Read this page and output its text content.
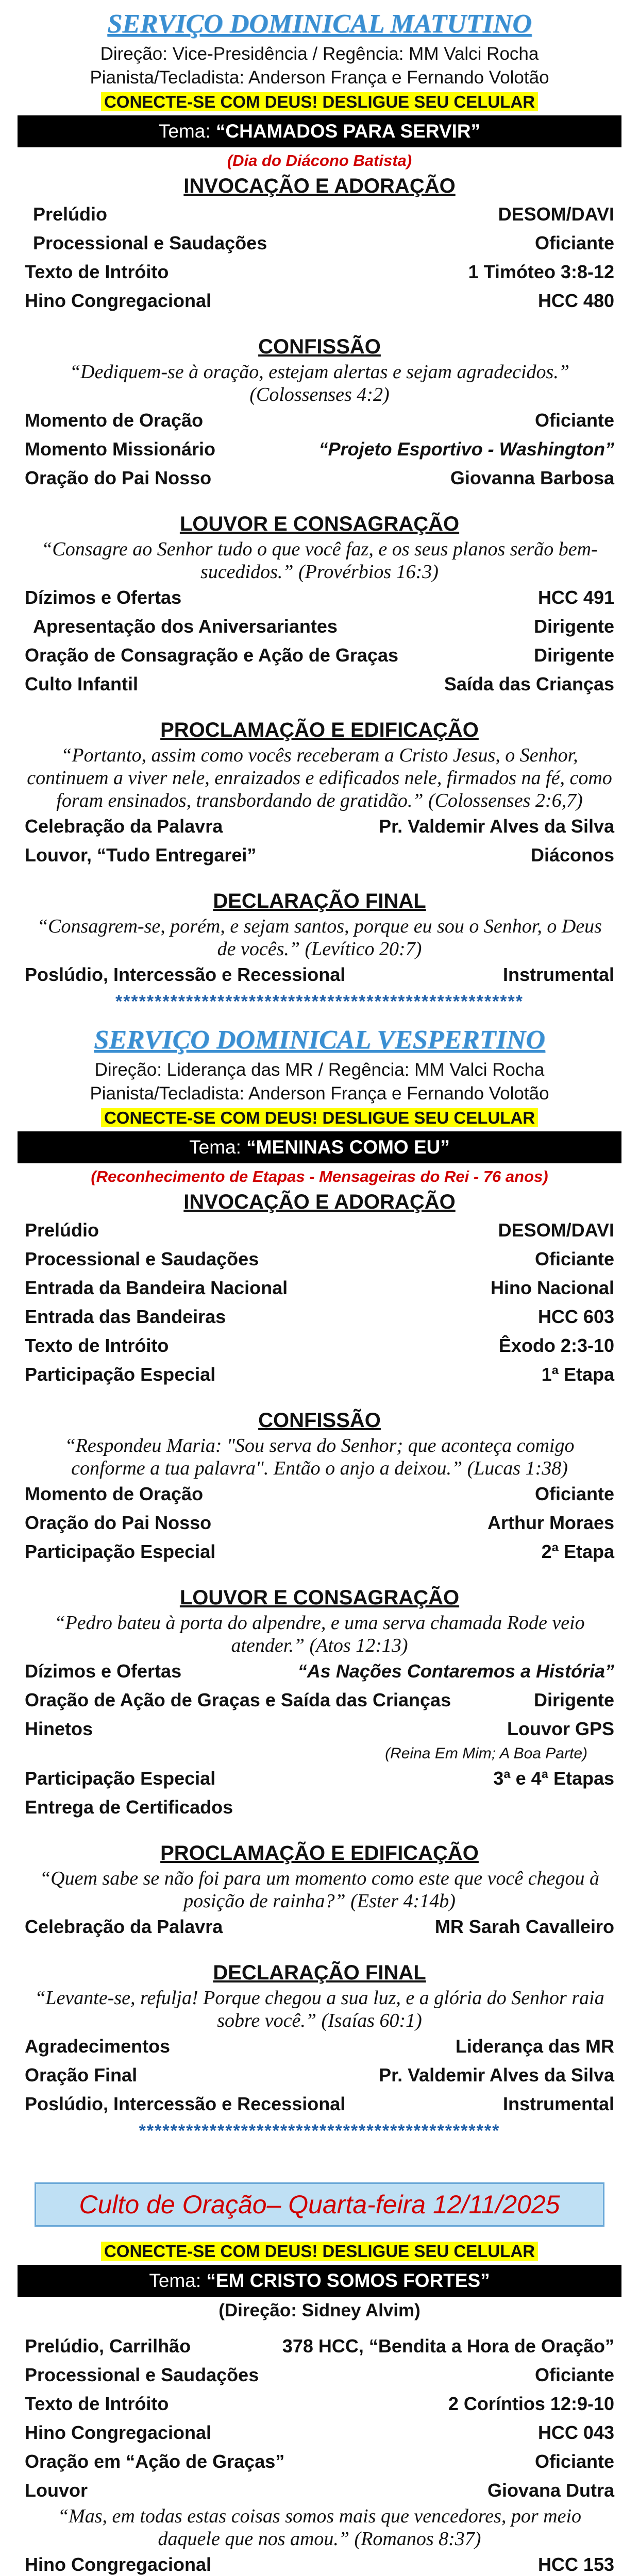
SERVIÇO DOMINICAL MATUTINO
Direção: Vice-Presidência / Regência: MM Valci Rocha
Pianista/Tecladista: Anderson França e Fernando Volotão
CONECTE-SE COM DEUS! DESLIGUE SEU CELULAR
Tema: “CHAMADOS PARA SERVIR”
(Dia do Diácono Batista)
INVOCAÇÃO E ADORAÇÃO
Prelúdio	DESOM/DAVI
Processional e Saudações	Oficiante
Texto de Intróito	1 Timóteo 3:8-12
Hino Congregacional	HCC 480
CONFISSÃO
“Dediquem-se à oração, estejam alertas e sejam agradecidos.” (Colossenses 4:2)
Momento de Oração	Oficiante
Momento Missionário	“Projeto Esportivo - Washington”
Oração do Pai Nosso	Giovanna Barbosa
LOUVOR E CONSAGRAÇÃO
“Consagre ao Senhor tudo o que você faz, e os seus planos serão bem-sucedidos.” (Provérbios 16:3)
Dízimos e Ofertas	HCC 491
Apresentação dos Aniversariantes	Dirigente
Oração de Consagração e Ação de Graças	Dirigente
Culto Infantil	Saída das Crianças
PROCLAMAÇÃO E EDIFICAÇÃO
“Portanto, assim como vocês receberam a Cristo Jesus, o Senhor, continuem a viver nele, enraizados e edificados nele, firmados na fé, como foram ensinados, transbordando de gratidão.” (Colossenses 2:6,7)
Celebração da Palavra	Pr. Valdemir Alves da Silva
Louvor, “Tudo Entregarei”	Diáconos
DECLARAÇÃO FINAL
“Consagrem-se, porém, e sejam santos, porque eu sou o Senhor, o Deus de vocês.” (Levítico 20:7)
Poslúdio, Intercessão e Recessional	Instrumental
****************************************************
SERVIÇO DOMINICAL VESPERTINO
Direção: Liderança das MR / Regência: MM Valci Rocha
Pianista/Tecladista: Anderson França e Fernando Volotão
CONECTE-SE COM DEUS! DESLIGUE SEU CELULAR
Tema: “MENINAS COMO EU”
(Reconhecimento de Etapas - Mensageiras do Rei - 76 anos)
INVOCAÇÃO E ADORAÇÃO
Prelúdio	DESOM/DAVI
Processional e Saudações	Oficiante
Entrada da Bandeira Nacional	Hino Nacional
Entrada das Bandeiras	HCC 603
Texto de Intróito	Êxodo 2:3-10
Participação Especial	1ª Etapa
CONFISSÃO
“Respondeu Maria: "Sou serva do Senhor; que aconteça comigo conforme a tua palavra". Então o anjo a deixou.” (Lucas 1:38)
Momento de Oração	Oficiante
Oração do Pai Nosso	Arthur Moraes
Participação Especial	2ª Etapa
LOUVOR E CONSAGRAÇÃO
“Pedro bateu à porta do alpendre, e uma serva chamada Rode veio atender.” (Atos 12:13)
Dízimos e Ofertas	“As Nações Contaremos a História”
Oração de Ação de Graças e Saída das Crianças	Dirigente
Hinetos	Louvor GPS
(Reina Em Mim; A Boa Parte)
Participação Especial	3ª e 4ª Etapas
Entrega de Certificados
PROCLAMAÇÃO E EDIFICAÇÃO
“Quem sabe se não foi para um momento como este que você chegou à posição de rainha?” (Ester 4:14b)
Celebração da Palavra	MR Sarah Cavalleiro
DECLARAÇÃO FINAL
“Levante-se, refulja! Porque chegou a sua luz, e a glória do Senhor raia sobre você.” (Isaías 60:1)
Agradecimentos	Liderança das MR
Oração Final	Pr. Valdemir Alves da Silva
Poslúdio, Intercessão e Recessional	Instrumental
**********************************************
Culto de Oração– Quarta-feira 12/11/2025
CONECTE-SE COM DEUS! DESLIGUE SEU CELULAR
Tema: “EM CRISTO SOMOS FORTES”
(Direção: Sidney Alvim)
Prelúdio, Carrilhão	378 HCC, “Bendita a Hora de Oração”
Processional e Saudações	Oficiante
Texto de Intróito	2 Coríntios 12:9-10
Hino Congregacional	HCC 043
Oração em “Ação de Graças”	Oficiante
Louvor	Giovana Dutra
“Mas, em todas estas coisas somos mais que vencedores, por meio daquele que nos amou.” (Romanos 8:37)
Hino Congregacional	HCC 153
